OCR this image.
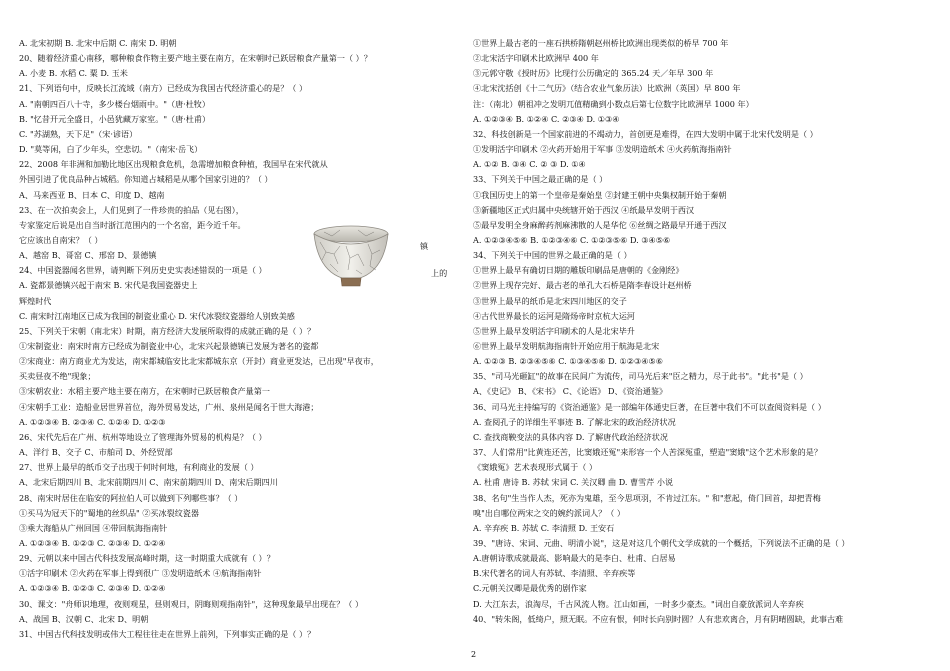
A. 北宋初期 B. 北宋中后期 C. 南宋 D. 明朝
20、随着经济重心南移，哪种粮食作物主要产地主要在南方，在宋朝时已跃居粮食产量第一（ ）？
A. 小麦 B. 水稻 C. 粟 D. 玉米
21、下列语句中，反映长江流域（南方）已经成为我国古代经济重心的是？（ ）
A. "南朝四百八十寺，多少楼台烟雨中。"（唐·杜牧）
B. "忆昔开元全盛日，小邑犹藏万家室。"（唐·杜甫）
C. "苏湖熟，天下足"（宋·谚语）
D. "莫等闲，白了少年头，空悲切。"（南宋·岳飞）
22、2008 年非洲和加勒比地区出现粮食危机，急需增加粮食种植，我国早在宋代就从
外国引进了优良品种占城稻。你知道占城稻是从哪个国家引进的？（ ）
A、马来西亚 B、日本 C、印度 D、越南
23、在一次拍卖会上，人们见到了一件珍贵的拍品（见右图），
专家鉴定后说是出自当时浙江范围内的一个名窑，距今近千年。
它应该出自南宋？（ ）
A、越窑 B、哥窑 C、邢窑 D、景德镇
24、中国瓷器闻名世界，请判断下列历史史实表述错误的一项是（ ）
A. 瓷都景德镇兴起于南宋 B. 宋代是我国瓷器史上
辉煌时代
C. 南宋时江南地区已成为我国的制瓷业重心 D. 宋代冰裂纹瓷器给人别致美感
25、下列关于宋朝（南北宋）时期，南方经济大发展所取得的成就正确的是（ ）？
①宋制瓷业：南宋时南方已经成为制瓷业中心，北宋兴起景德镇已发展为著名的瓷都
②宋商业：南方商业尤为发达，南宋都城临安比北宋都城东京（开封）商业更发达，已出现"早夜市，
买卖昼夜不绝"现象；
③宋朝农业：水稻主要产地主要在南方，在宋朝时已跃居粮食产量第一
④宋朝手工业：造船业居世界首位，海外贸易发达，广州、泉州是闻名于世大海港；
A. ①②③④ B. ②③④ C. ①②④ D. ①②③
26、宋代先后在广州、杭州等地设立了管理海外贸易的机构是？（ ）
A、洋行 B、交子 C、市舶司 D、外经贸部
27、世界上最早的纸币交子出现于何时何地，有利商业的发展（ ）
A、北宋后期四川 B、北宋前期四川 C、南宋前期四川 D、南宋后期四川
28、南宋时居住在临安的阿拉伯人可以做到下列哪些事？（ ）
①买马为冠天下的"蜀地的丝织品" ②买冰裂纹瓷器
③乘大海船从广州回国 ④带回航海指南针
A. ①②③④ B. ①②③ C. ②③④ D. ①②④
29、元朝以来中国古代科技发展高峰时期，这一时期重大成就有（ ）？
①活字印刷术 ②火药在军事上得到很广 ③发明造纸术 ④航海指南针
A. ①②③④ B. ①②③ C. ②③④ D. ①②④
30、课文："舟师识地理，夜则观星，昼则观日，阴晦则观指南针"，这种现象最早出现在？（ ）
A、战国 B、汉朝 C、北宋 D、明朝
31、中国古代科技发明或伟大工程往往走在世界上前列，下列事实正确的是（ ）？
①世界上最古老的一座石拱桥隋朝赵州桥比欧洲出现类似的桥早 700 年
②北宋活字印刷术比欧洲早 400 年
③元郭守敬《授时历》比现行公历确定的 365.24 天／年早 300 年
④北宋沈括创《十二气历》（结合农业气象历法）比欧洲（英国）早 800 年
注：（南北）朝祖冲之发明兀值精确到小数点后第七位数字比欧洲早 1000 年）
A. ①②③④ B. ①②④ C. ②③④ D. ①③④
32、科技创新是一个国家前进的不竭动力，首创更是难得，在四大发明中属于北宋代发明是（ ）
①发明活字印刷术 ②火药开始用于军事 ③发明造纸术 ④火药航海指南针
A. ①② B. ③④ C. ② ③ D. ①④
33、下列关于中国之最正确的是（ ）
①我国历史上的第一个皇帝是秦始皇 ②封建王朝中央集权制开始于秦朝
③新疆地区正式归属中央统辖开始于西汉 ④纸最早发明于西汉
⑤最早发明全身麻醉药剂麻沸散的人是华佗 ⑥丝绸之路最早开通于西汉
A. ①②③④⑤⑥ B. ①②③④⑥ C. ①②③⑤⑥ D. ③④⑤⑥
34、下列关于中国的世界之最正确的是（ ）
①世界上最早有确切日期的雕版印刷品是唐朝的《金刚经》
②世界上现存完好、最古老的单孔大石桥是隋李春设计赵州桥
③世界上最早的纸币是北宋四川地区的交子
④古代世界最长的运河是隋炀帝时京杭大运河
⑤世界上最早发明活字印刷术的人是北宋毕升
⑥世界上最早发明航海指南针开始应用于航海是北宋
A. ①②③ B. ②③④⑤⑥ C. ①③④⑤⑥ D. ①②③④⑤⑥
35、"司马光砸缸"的故事在民间广为流传，司马光后来"臣之精力，尽于此书"。"此书"是（ ）
A、《史记》 B、《宋书》 C、《论语》 D、《资治通鉴》
36、司马光主持编写的《资治通鉴》是一部编年体通史巨著，在巨著中我们不可以查阅资料是（ ）
A. 查阅孔子的详细生平事迹 B. 了解北宋的政治经济状况
C. 查找商鞅变法的具体内容 D. 了解唐代政治经济状况
37、人们常用"比黄连还苦，比窦娥还冤"来形容一个人苦深冤重，塑造"窦娥"这个艺术形象的是？
《窦娥冤》艺术表现形式属于（ ）
A. 杜甫 唐诗 B. 苏轼 宋词 C. 关汉卿 曲 D. 曹雪芹 小说
38、名句"生当作人杰，死亦为鬼雄，至今思项羽，不肯过江东。" 和"惹起，倚门回首，却把青梅
嗅"出自哪位两宋之交的婉约派词人？（ ）
A. 辛弃疾 B. 苏轼 C. 李清照 D. 王安石
39、"唐诗、宋词、元曲、明清小说"，这是对这几个朝代文学成就的一个概括，下列说法不正确的是（ ）
A.唐朝诗歌成就最高、影响最大的是李白、杜甫、白居易
B.宋代著名的词人有苏轼、李清照、辛弃疾等
C.元朝关汉卿是最优秀的剧作家
D. 大江东去，浪淘尽，千古风流人物。江山如画，一时多少豪杰。"词出自豪放派词人辛弃疾
40、"转朱阁，低绮户，照无眠。不应有恨，何时长向别时圆？人有悲欢离合，月有阴晴圆缺，此事古难
镇
上的
2
